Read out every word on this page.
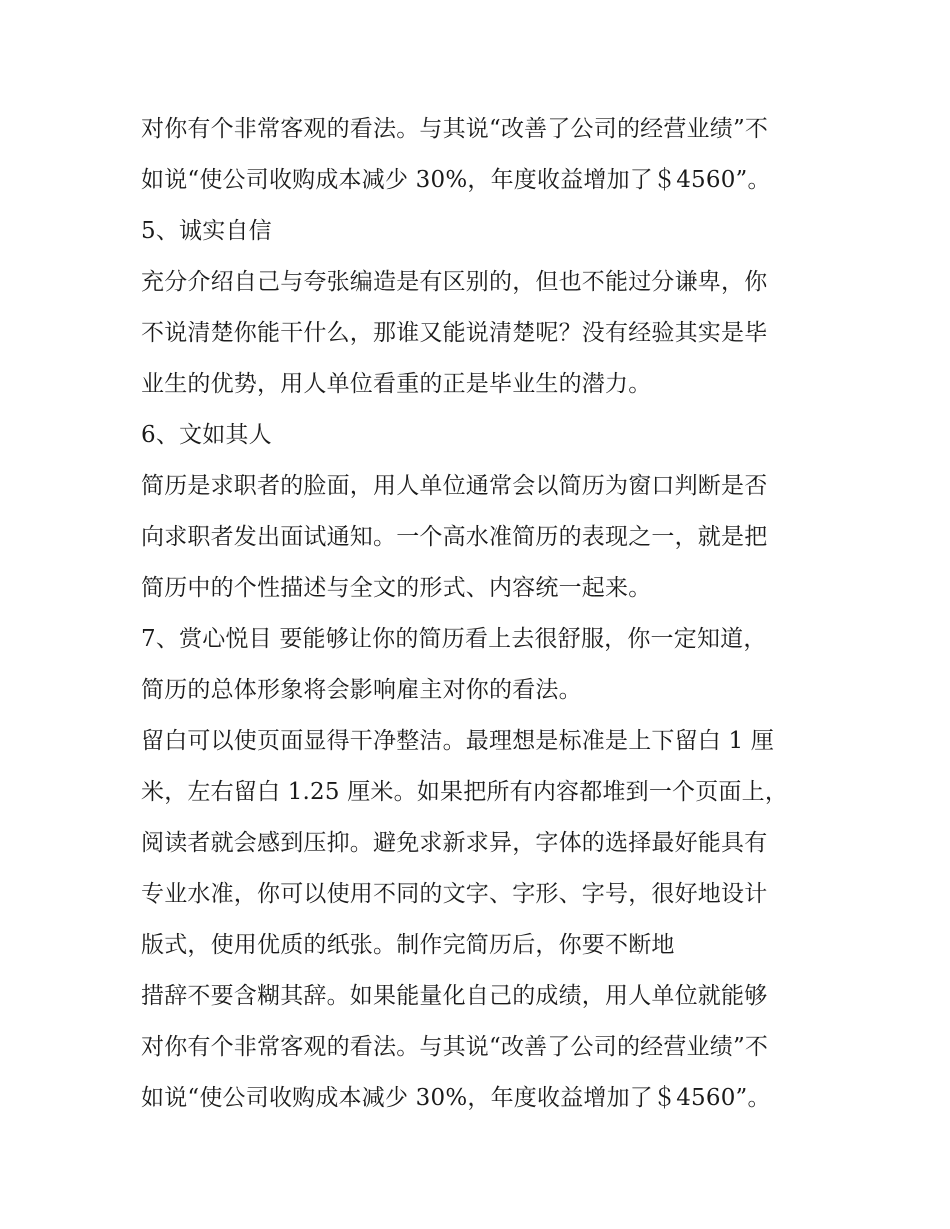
对你有个非常客观的看法。与其说“改善了公司的经营业绩”不
如说“使公司收购成本减少 30%，年度收益增加了＄4560”。
5、诚实自信
充分介绍自己与夸张编造是有区别的，但也不能过分谦卑，你
不说清楚你能干什么，那谁又能说清楚呢？没有经验其实是毕
业生的优势，用人单位看重的正是毕业生的潜力。
6、文如其人
简历是求职者的脸面，用人单位通常会以简历为窗口判断是否
向求职者发出面试通知。一个高水准简历的表现之一，就是把
简历中的个性描述与全文的形式、内容统一起来。
7、赏心悦目 要能够让你的简历看上去很舒服，你一定知道，
简历的总体形象将会影响雇主对你的看法。
留白可以使页面显得干净整洁。最理想是标准是上下留白 1 厘
米，左右留白 1.25 厘米。如果把所有内容都堆到一个页面上，
阅读者就会感到压抑。避免求新求异，字体的选择最好能具有
专业水准，你可以使用不同的文字、字形、字号，很好地设计
版式，使用优质的纸张。制作完简历后，你要不断地
措辞不要含糊其辞。如果能量化自己的成绩，用人单位就能够
对你有个非常客观的看法。与其说“改善了公司的经营业绩”不
如说“使公司收购成本减少 30%，年度收益增加了＄4560”。
